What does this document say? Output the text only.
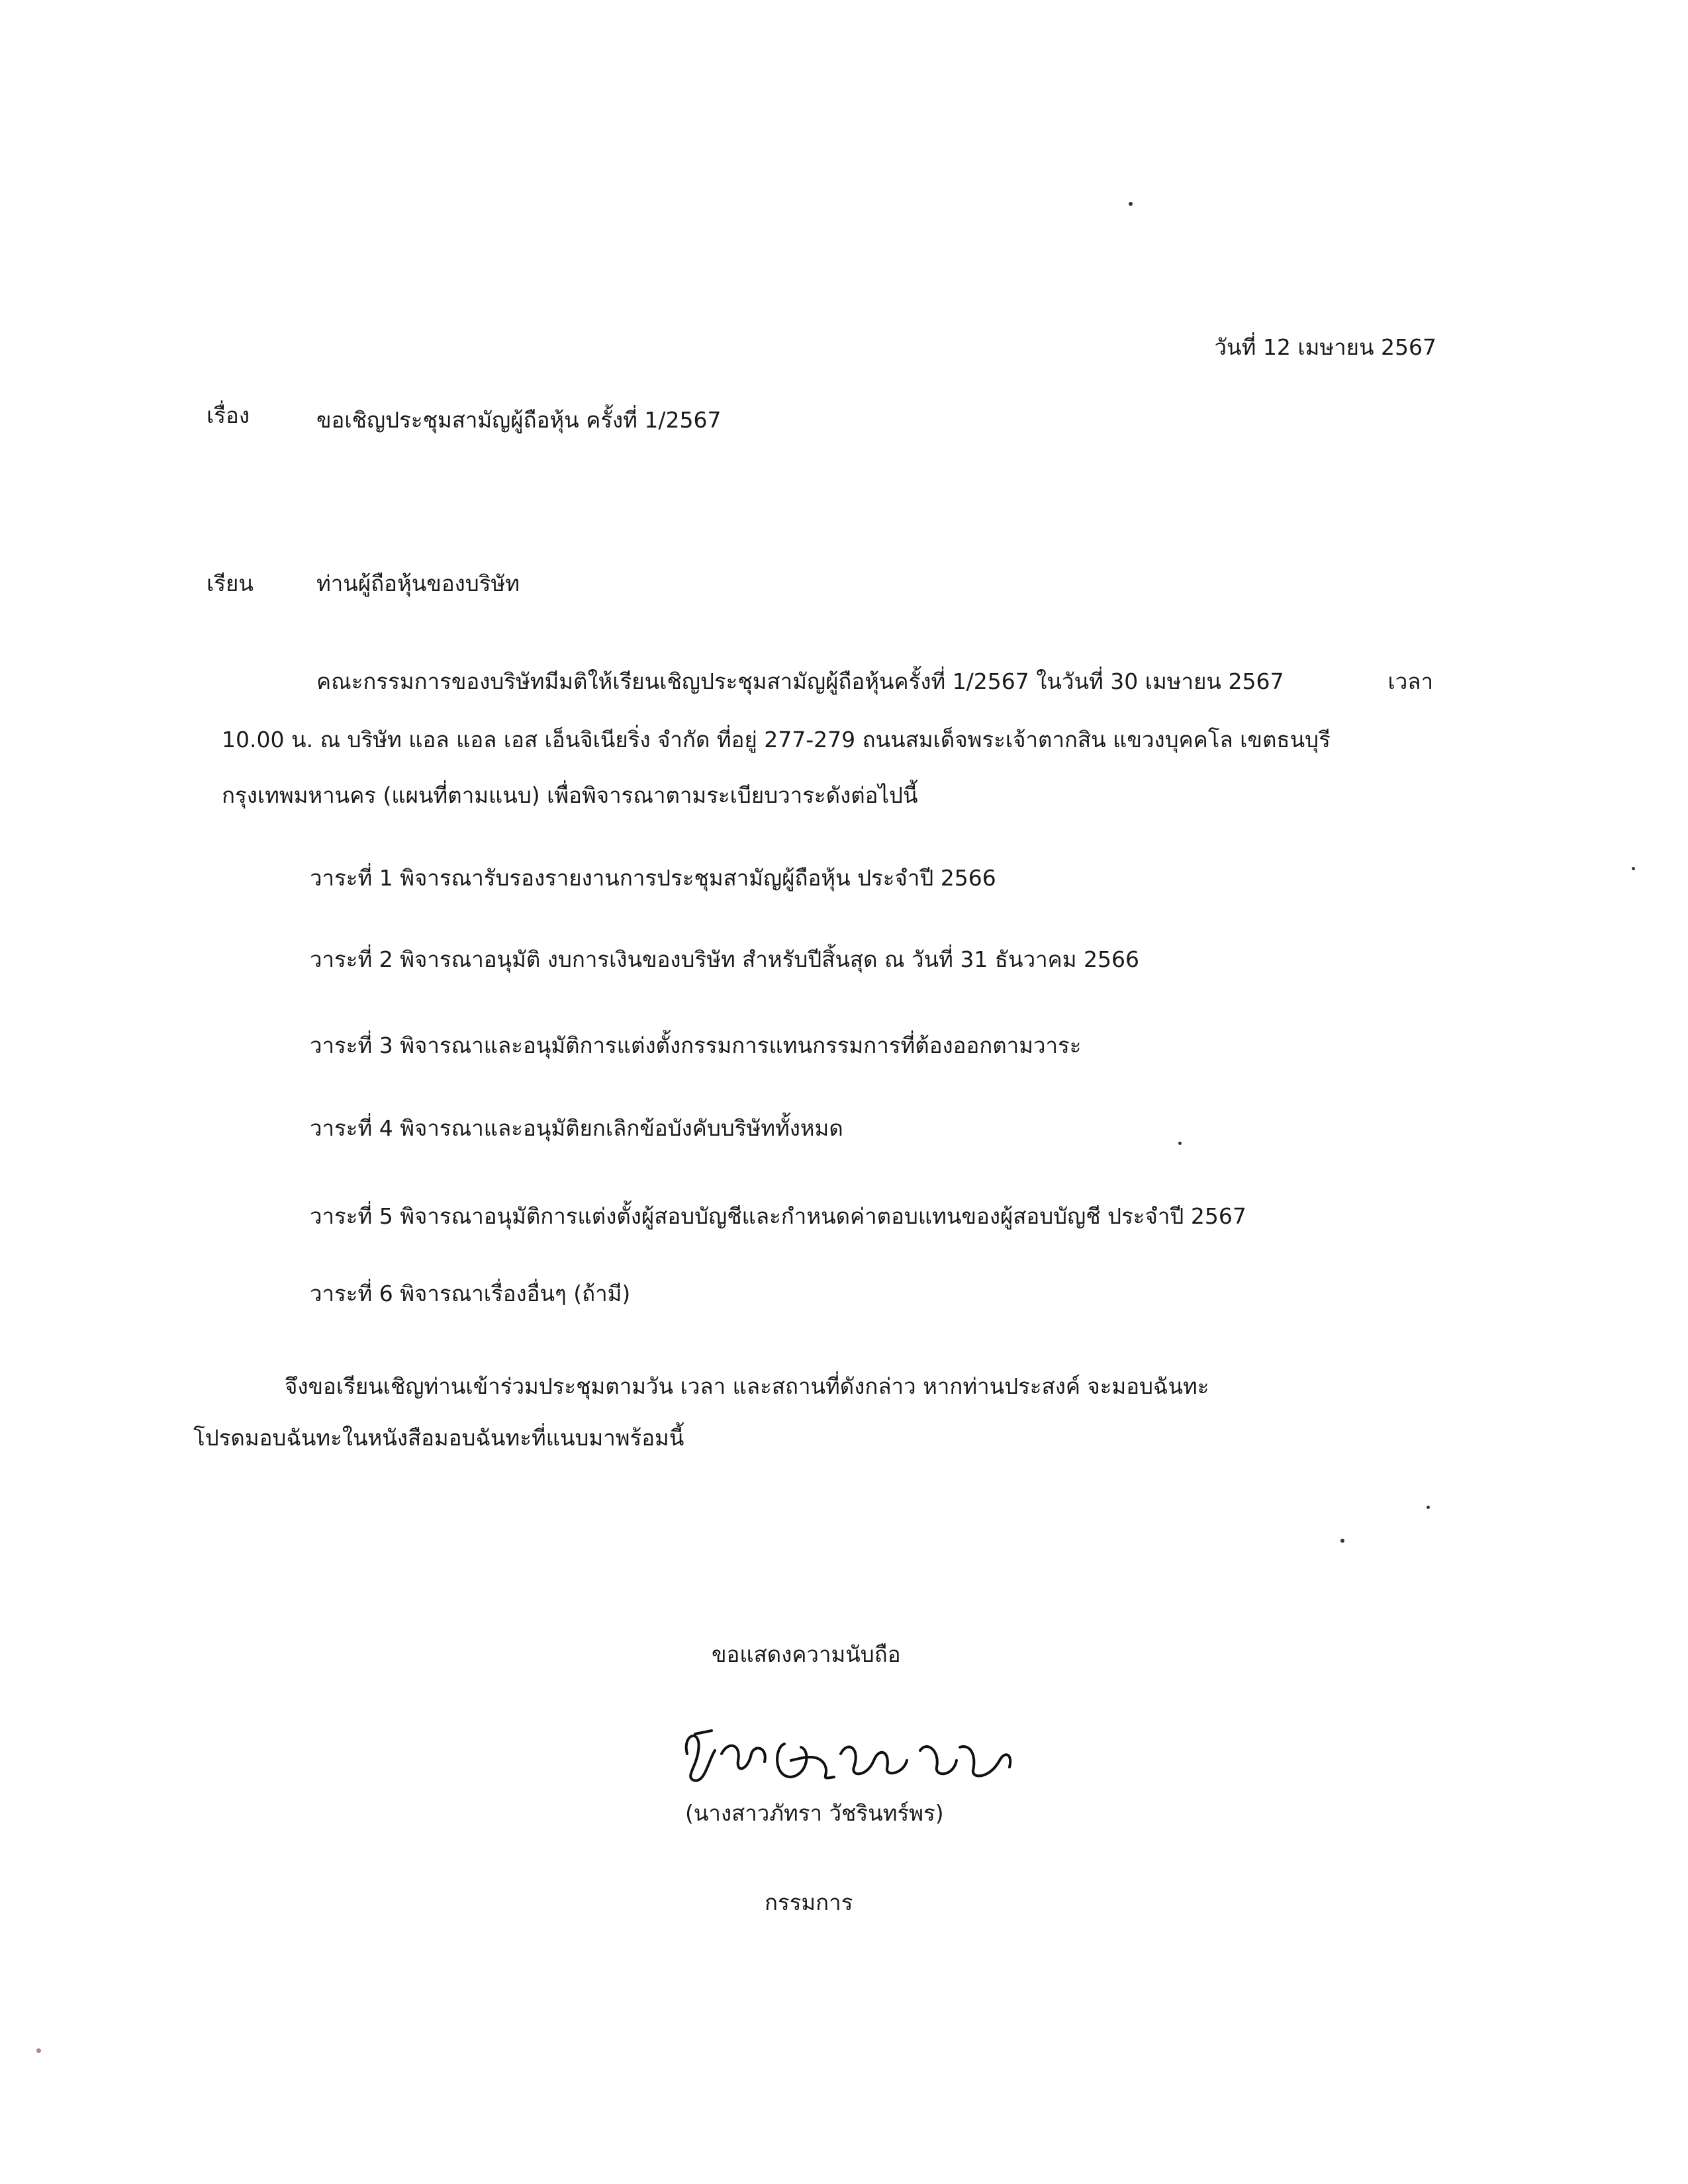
วันที่ 12 เมษายน 2567
เรื่อง	ขอเชิญประชุมสามัญผู้ถือหุ้น ครั้งที่ 1/2567
เรียน	ท่านผู้ถือหุ้นของบริษัท
คณะกรรมการของบริษัทมีมติให้เรียนเชิญประชุมสามัญผู้ถือหุ้นครั้งที่ 1/2567 ในวันที่ 30 เมษายน 2567	เวลา
10.00 น. ณ บริษัท แอล แอล เอส เอ็นจิเนียริ่ง จำกัด ที่อยู่ 277-279 ถนนสมเด็จพระเจ้าตากสิน แขวงบุคคโล เขตธนบุรี
กรุงเทพมหานคร (แผนที่ตามแนบ) เพื่อพิจารณาตามระเบียบวาระดังต่อไปนี้
วาระที่ 1 พิจารณารับรองรายงานการประชุมสามัญผู้ถือหุ้น ประจำปี 2566
วาระที่ 2 พิจารณาอนุมัติ งบการเงินของบริษัท สำหรับปีสิ้นสุด ณ วันที่ 31 ธันวาคม 2566
วาระที่ 3 พิจารณาและอนุมัติการแต่งตั้งกรรมการแทนกรรมการที่ต้องออกตามวาระ
วาระที่ 4 พิจารณาและอนุมัติยกเลิกข้อบังคับบริษัททั้งหมด
วาระที่ 5 พิจารณาอนุมัติการแต่งตั้งผู้สอบบัญชีและกำหนดค่าตอบแทนของผู้สอบบัญชี ประจำปี 2567
วาระที่ 6 พิจารณาเรื่องอื่นๆ (ถ้ามี)
จึงขอเรียนเชิญท่านเข้าร่วมประชุมตามวัน เวลา และสถานที่ดังกล่าว หากท่านประสงค์ จะมอบฉันทะ
โปรดมอบฉันทะในหนังสือมอบฉันทะที่แนบมาพร้อมนี้
ขอแสดงความนับถือ
(นางสาวภัทรา วัชรินทร์พร)
กรรมการ
